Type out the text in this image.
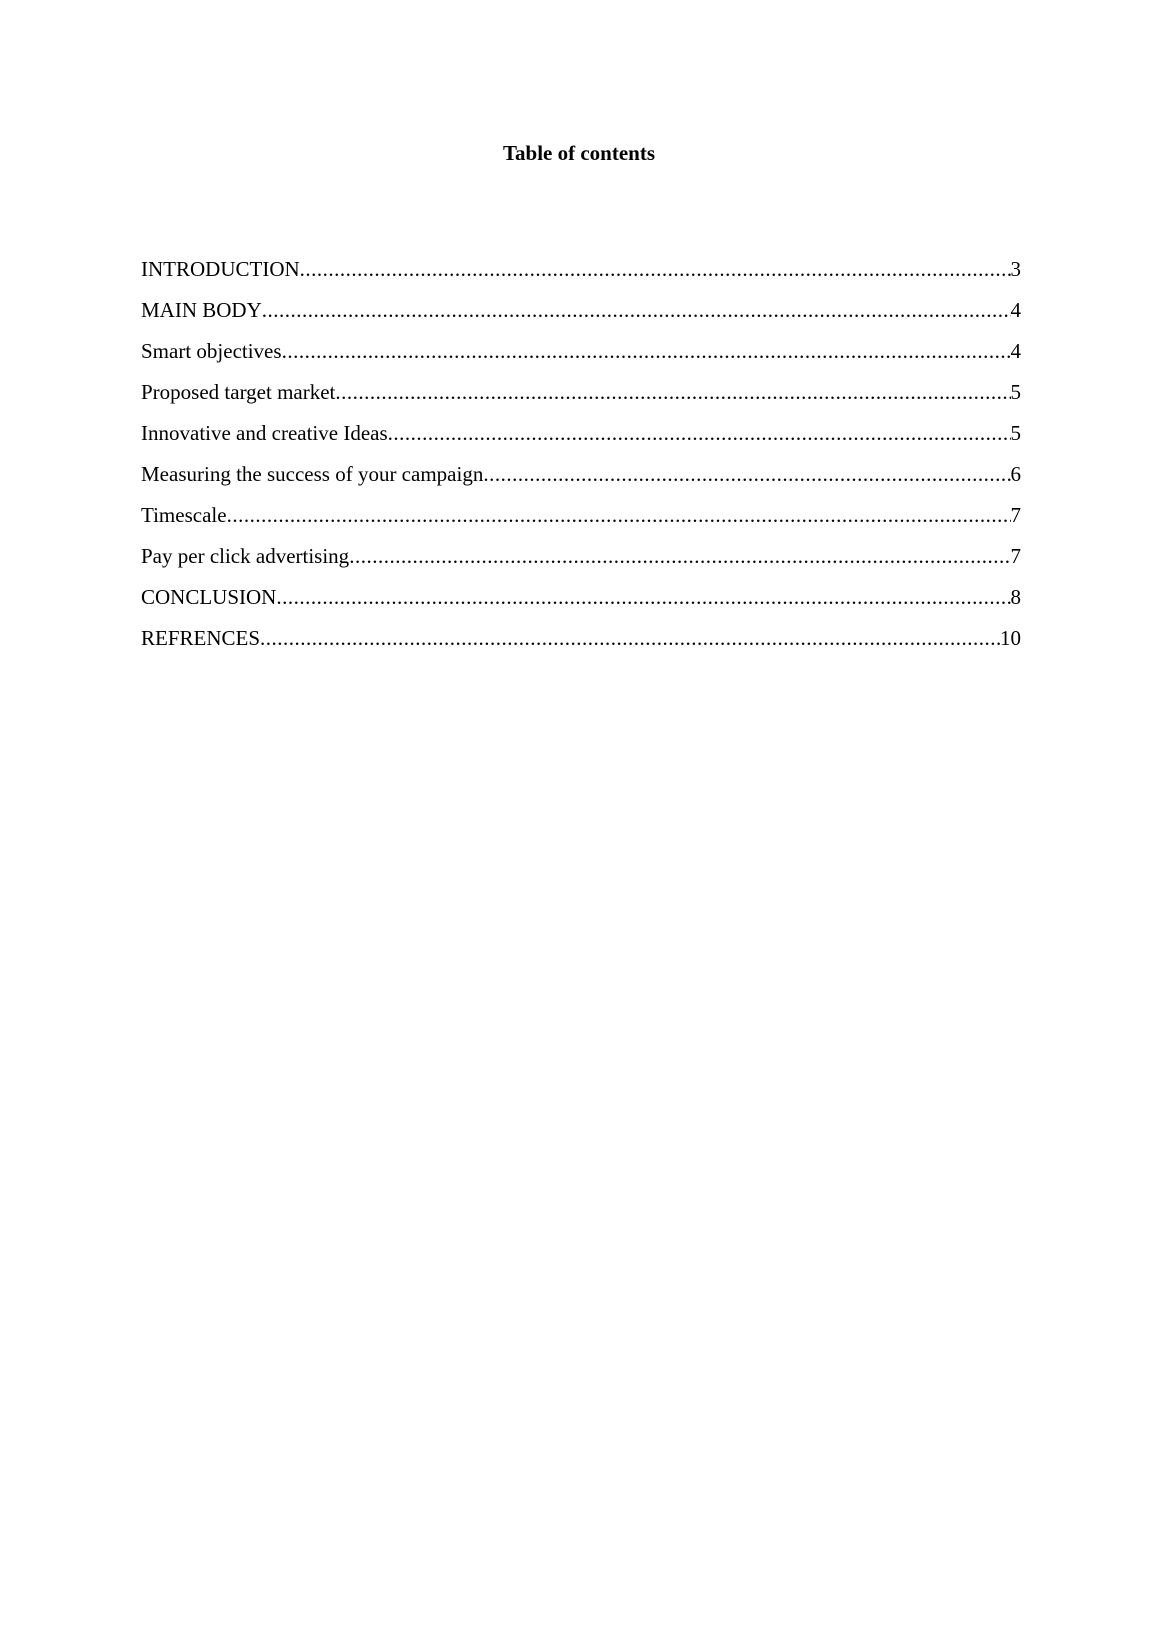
Table of contents
INTRODUCTION .....	3
MAIN BODY .....	4
Smart objectives .....	4
Proposed target market .....	5
Innovative and creative Ideas .....	5
Measuring the success of your campaign .....	6
Timescale .....	7
Pay per click advertising .....	7
CONCLUSION .....	8
REFRENCES .....	10
